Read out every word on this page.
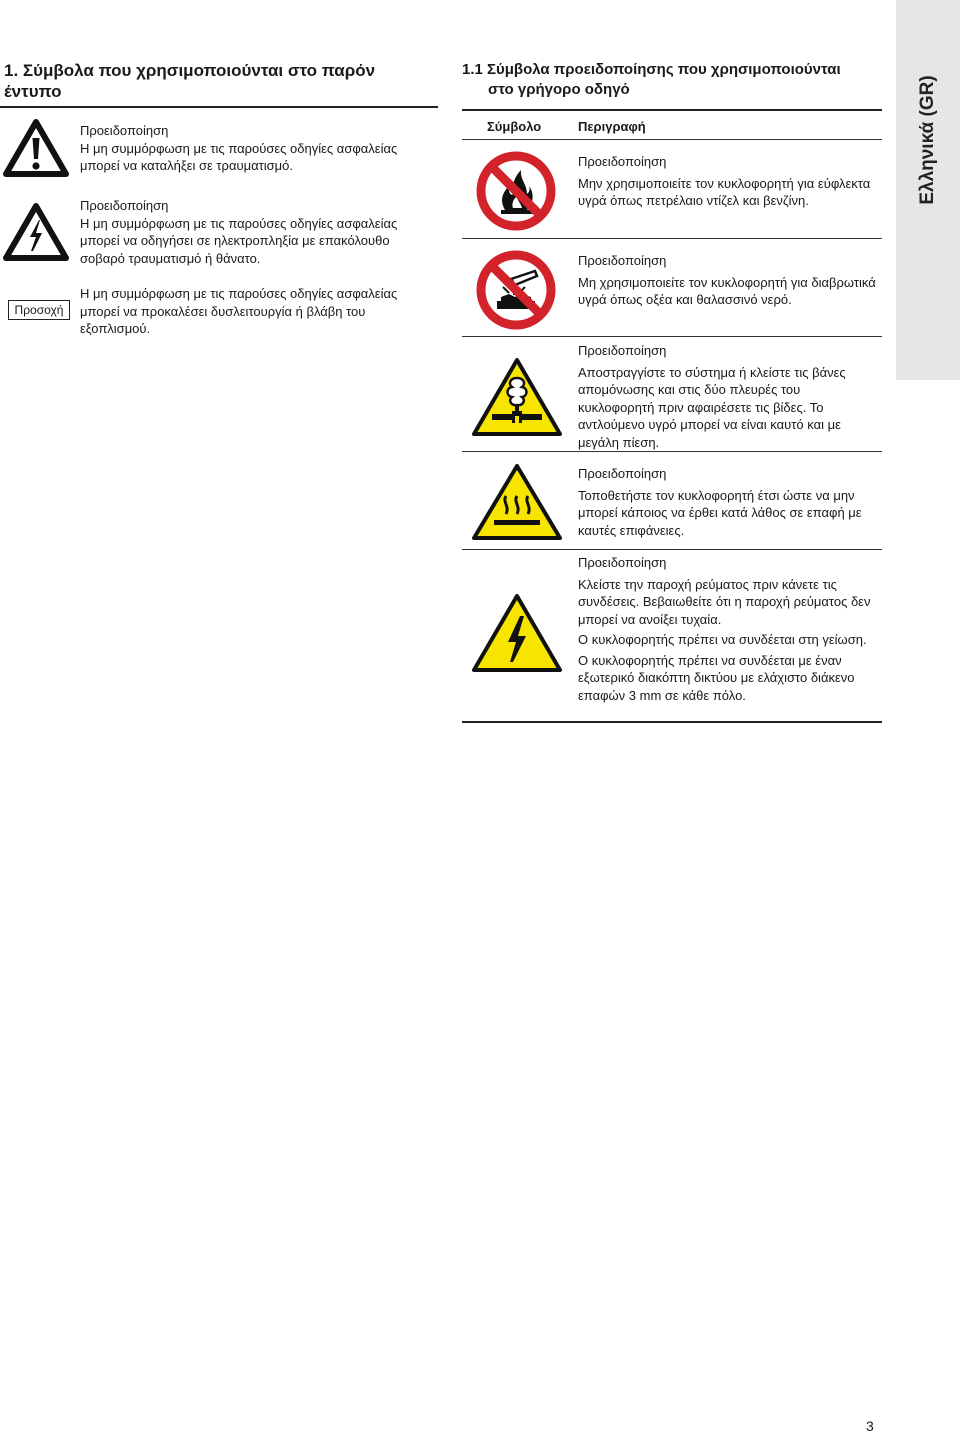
Ελληνικά (GR)
1. Σύμβολα που χρησιμοποιούνται στο παρόν έντυπο
Προειδοποίηση
Η μη συμμόρφωση με τις παρούσες οδηγίες ασφαλείας μπορεί να καταλήξει σε τραυματισμό.
Προειδοποίηση
Η μη συμμόρφωση με τις παρούσες οδηγίες ασφαλείας μπορεί να οδηγήσει σε ηλεκτροπληξία με επακόλουθο σοβαρό τραυματισμό ή θάνατο.
Προσοχή
Η μη συμμόρφωση με τις παρούσες οδηγίες ασφαλείας μπορεί να προκαλέσει δυσλειτουργία ή βλάβη του εξοπλισμού.
1.1 Σύμβολα προειδοποίησης που χρησιμοποιούνται
στο γρήγορο οδηγό
Σύμβολο	Περιγραφή
Προειδοποίηση
Μην χρησιμοποιείτε τον κυκλοφορητή για εύφλεκτα υγρά όπως πετρέλαιο ντίζελ και βενζίνη.
Προειδοποίηση
Μη χρησιμοποιείτε τον κυκλοφορητή για διαβρωτικά υγρά όπως οξέα και θαλασσινό νερό.
Προειδοποίηση
Αποστραγγίστε το σύστημα ή κλείστε τις βάνες απομόνωσης και στις δύο πλευρές του κυκλοφορητή πριν αφαιρέσετε τις βίδες. Το αντλούμενο υγρό μπορεί να είναι καυτό και με μεγάλη πίεση.
Προειδοποίηση
Τοποθετήστε τον κυκλοφορητή έτσι ώστε να μην μπορεί κάποιος να έρθει κατά λάθος σε επαφή με καυτές επιφάνειες.
Προειδοποίηση
Κλείστε την παροχή ρεύματος πριν κάνετε τις συνδέσεις. Βεβαιωθείτε ότι η παροχή ρεύματος δεν μπορεί να ανοίξει τυχαία.
Ο κυκλοφορητής πρέπει να συνδέεται στη γείωση.
Ο κυκλοφορητής πρέπει να συνδέεται με έναν εξωτερικό διακόπτη δικτύου με ελάχιστο διάκενο επαφών 3 mm σε κάθε πόλο.
3
